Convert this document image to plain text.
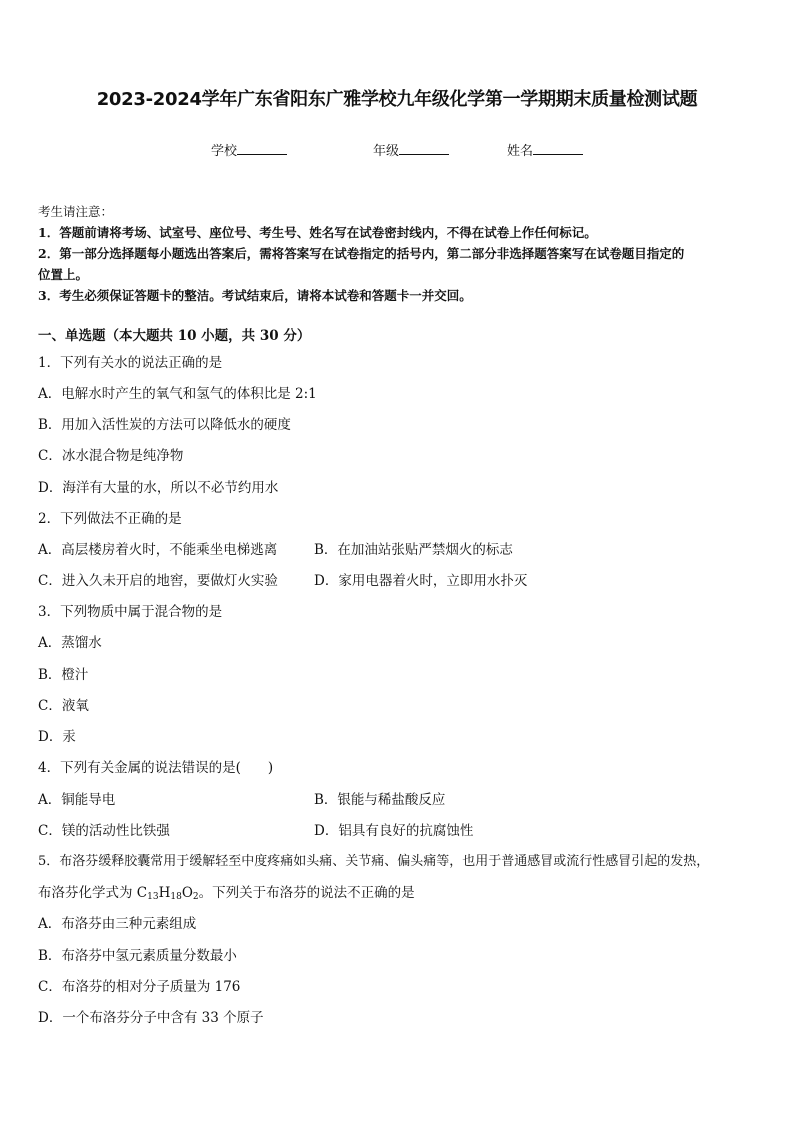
2023-2024学年广东省阳东广雅学校九年级化学第一学期期末质量检测试题
学校	年级	姓名
考生请注意：
1．答题前请将考场、试室号、座位号、考生号、姓名写在试卷密封线内，不得在试卷上作任何标记。
2．第一部分选择题每小题选出答案后，需将答案写在试卷指定的括号内，第二部分非选择题答案写在试卷题目指定的
位置上。
3．考生必须保证答题卡的整洁。考试结束后，请将本试卷和答题卡一并交回。
一、单选题（本大题共 10 小题，共 30 分）
1．下列有关水的说法正确的是
A．电解水时产生的氧气和氢气的体积比是 2:1
B．用加入活性炭的方法可以降低水的硬度
C．冰水混合物是纯净物
D．海洋有大量的水，所以不必节约用水
2．下列做法不正确的是
A．高层楼房着火时，不能乘坐电梯逃离	B．在加油站张贴严禁烟火的标志
C．进入久未开启的地窖，要做灯火实验	D．家用电器着火时，立即用水扑灭
3．下列物质中属于混合物的是
A．蒸馏水
B．橙汁
C．液氧
D．汞
4．下列有关金属的说法错误的是(　　)
A．铜能导电	B．银能与稀盐酸反应
C．镁的活动性比铁强	D．铝具有良好的抗腐蚀性
5．布洛芬缓释胶囊常用于缓解轻至中度疼痛如头痛、关节痛、偏头痛等，也用于普通感冒或流行性感冒引起的发热，
布洛芬化学式为 $C_{13}H_{18}O_2$。下列关于布洛芬的说法不正确的是
A．布洛芬由三种元素组成
B．布洛芬中氢元素质量分数最小
C．布洛芬的相对分子质量为 176
D．一个布洛芬分子中含有 33 个原子
